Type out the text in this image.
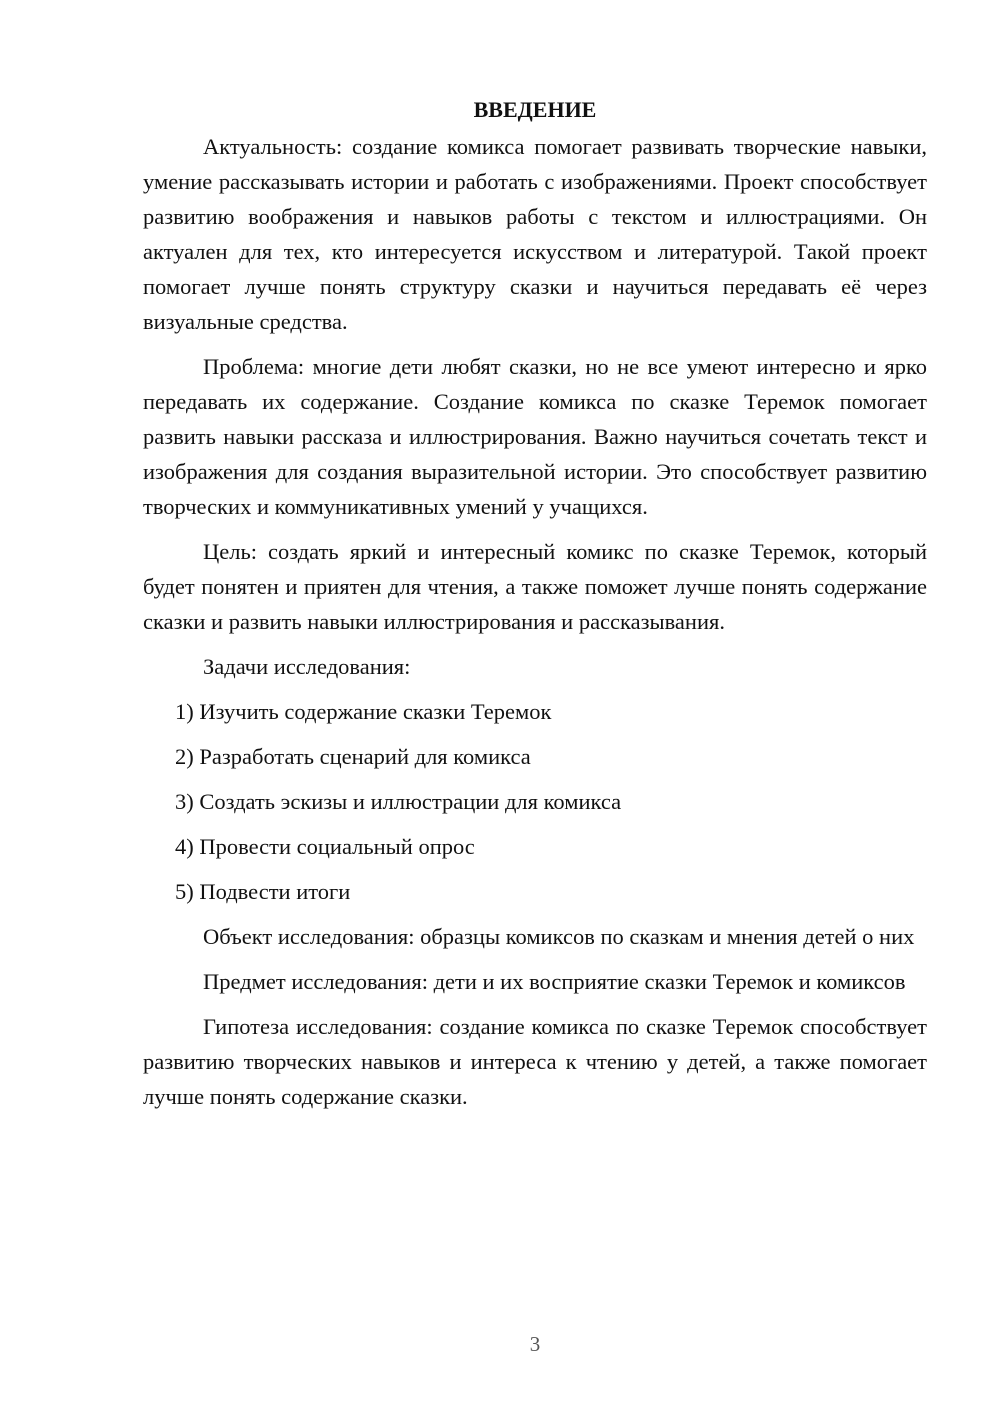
ВВЕДЕНИЕ

Актуальность: создание комикса помогает развивать творческие навыки, умение рассказывать истории и работать с изображениями. Проект способствует развитию воображения и навыков работы с текстом и иллюстрациями. Он актуален для тех, кто интересуется искусством и литературой. Такой проект помогает лучше понять структуру сказки и научиться передавать её через визуальные средства.

Проблема: многие дети любят сказки, но не все умеют интересно и ярко передавать их содержание. Создание комикса по сказке Теремок помогает развить навыки рассказа и иллюстрирования. Важно научиться сочетать текст и изображения для создания выразительной истории. Это способствует развитию творческих и коммуникативных умений у учащихся.

Цель: создать яркий и интересный комикс по сказке Теремок, который будет понятен и приятен для чтения, а также поможет лучше понять содержание сказки и развить навыки иллюстрирования и рассказывания.

Задачи исследования:

1) Изучить содержание сказки Теремок

2) Разработать сценарий для комикса

3) Создать эскизы и иллюстрации для комикса

4) Провести социальный опрос

5) Подвести итоги

Объект исследования: образцы комиксов по сказкам и мнения детей о них

Предмет исследования: дети и их восприятие сказки Теремок и комиксов

Гипотеза исследования: создание комикса по сказке Теремок способствует развитию творческих навыков и интереса к чтению у детей, а также помогает лучше понять содержание сказки.

3
